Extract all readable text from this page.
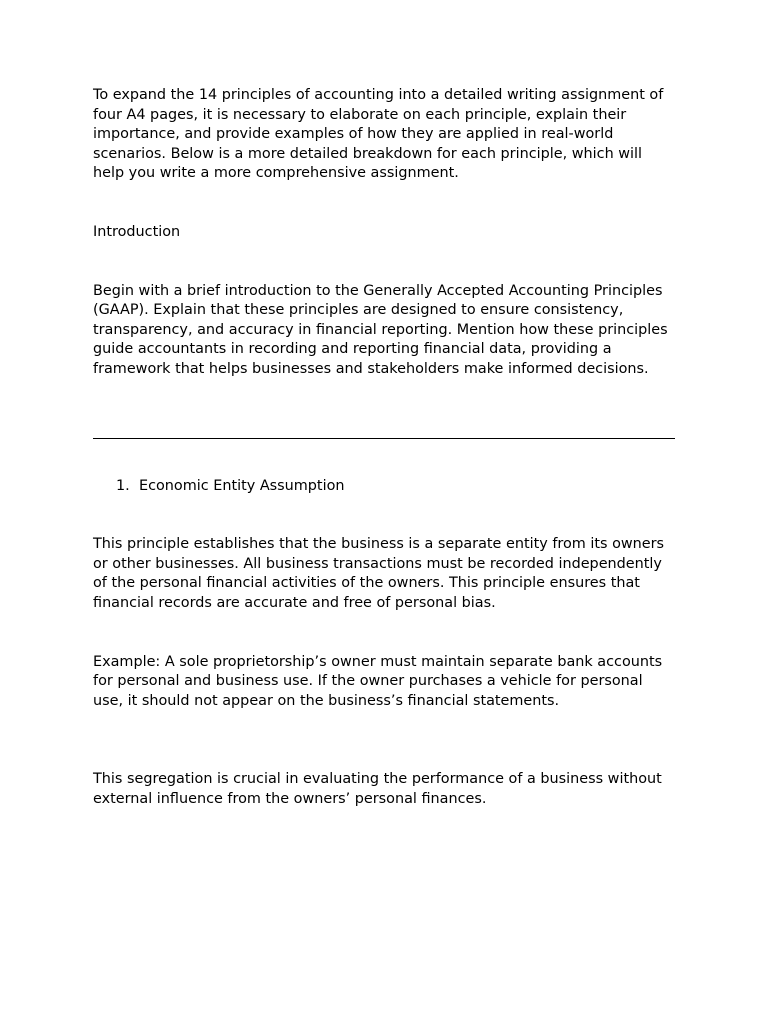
To expand the 14 principles of accounting into a detailed writing assignment of four A4 pages, it is necessary to elaborate on each principle, explain their importance, and provide examples of how they are applied in real-world scenarios. Below is a more detailed breakdown for each principle, which will help you write a more comprehensive assignment.

Introduction

Begin with a brief introduction to the Generally Accepted Accounting Principles (GAAP). Explain that these principles are designed to ensure consistency, transparency, and accuracy in financial reporting. Mention how these principles guide accountants in recording and reporting financial data, providing a framework that helps businesses and stakeholders make informed decisions.

1. Economic Entity Assumption

This principle establishes that the business is a separate entity from its owners or other businesses. All business transactions must be recorded independently of the personal financial activities of the owners. This principle ensures that financial records are accurate and free of personal bias.

Example: A sole proprietorship’s owner must maintain separate bank accounts for personal and business use. If the owner purchases a vehicle for personal use, it should not appear on the business’s financial statements.

This segregation is crucial in evaluating the performance of a business without external influence from the owners’ personal finances.
